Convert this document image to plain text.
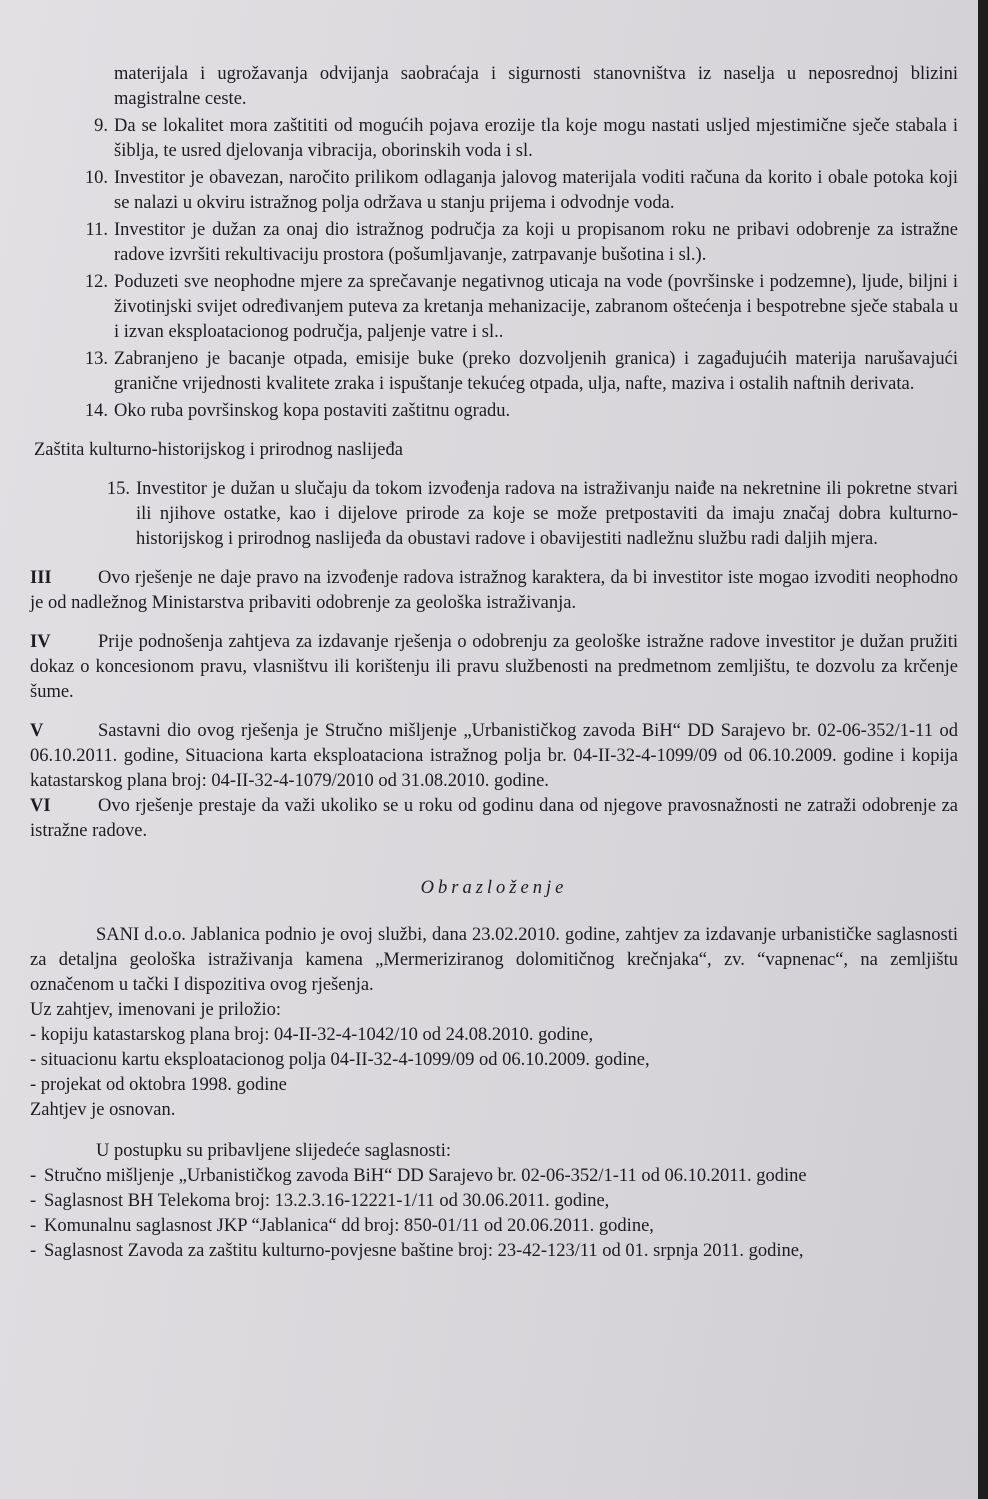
materijala i ugrožavanja odvijanja saobraćaja i sigurnosti stanovništva iz naselja u neposrednoj blizini magistralne ceste.
9. Da se lokalitet mora zaštititi od mogućih pojava erozije tla koje mogu nastati usljed mjestimične sječe stabala i šiblja, te usred djelovanja vibracija, oborinskih voda i sl.
10. Investitor je obavezan, naročito prilikom odlaganja jalovog materijala voditi računa da korito i obale potoka koji se nalazi u okviru istražnog polja održava u stanju prijema i odvodnje voda.
11. Investitor je dužan za onaj dio istražnog područja za koji u propisanom roku ne pribavi odobrenje za istražne radove izvršiti rekultivaciju prostora (pošumljavanje, zatrpavanje bušotina i sl.).
12. Poduzeti sve neophodne mjere za sprečavanje negativnog uticaja na vode (površinske i podzemne), ljude, biljni i životinjski svijet određivanjem puteva za kretanja mehanizacije, zabranom oštećenja i bespotrebne sječe stabala u i izvan eksploatacionog područja, paljenje vatre i sl..
13. Zabranjeno je bacanje otpada, emisije buke (preko dozvoljenih granica) i zagađujućih materija narušavajući granične vrijednosti kvalitete zraka i ispuštanje tekućeg otpada, ulja, nafte, maziva i ostalih naftnih derivata.
14. Oko ruba površinskog kopa postaviti zaštitnu ogradu.
Zaštita kulturno-historijskog i prirodnog naslijeđa
15. Investitor je dužan u slučaju da tokom izvođenja radova na istraživanju naiđe na nekretnine ili pokretne stvari ili njihove ostatke, kao i dijelove prirode za koje se može pretpostaviti da imaju značaj dobra kulturno-historijskog i prirodnog naslijeđa da obustavi radove i obavijestiti nadležnu službu radi daljih mjera.
III	Ovo rješenje ne daje pravo na izvođenje radova istražnog karaktera, da bi investitor iste mogao izvoditi neophodno je od nadležnog Ministarstva pribaviti odobrenje za geološka istraživanja.
IV	Prije podnošenja zahtjeva za izdavanje rješenja o odobrenju za geološke istražne radove investitor je dužan pružiti dokaz o koncesionom pravu, vlasništvu ili korištenju ili pravu službenosti na predmetnom zemljištu, te dozvolu za krčenje šume.
V	Sastavni dio ovog rješenja je Stručno mišljenje „Urbanističkog zavoda BiH“ DD Sarajevo br. 02-06-352/1-11 od 06.10.2011. godine, Situaciona karta eksploataciona istražnog polja br. 04-II-32-4-1099/09 od 06.10.2009. godine i kopija katastarskog plana broj: 04-II-32-4-1079/2010 od 31.08.2010. godine.
VI	Ovo rješenje prestaje da važi ukoliko se u roku od godinu dana od njegove pravosnažnosti ne zatraži odobrenje za istražne radove.
Obrazloženje
SANI d.o.o. Jablanica podnio je ovoj službi, dana 23.02.2010. godine, zahtjev za izdavanje urbanističke saglasnosti za detaljna geološka istraživanja kamena „Mermeriziranog dolomitičnog krečnjaka“, zv. “vapnenac“, na zemljištu označenom u tački I dispozitiva ovog rješenja.
Uz zahtjev, imenovani je priložio:
- kopiju katastarskog plana broj: 04-II-32-4-1042/10 od 24.08.2010. godine,
- situacionu kartu eksploatacionog polja 04-II-32-4-1099/09 od 06.10.2009. godine,
- projekat od oktobra 1998. godine
Zahtjev je osnovan.
U postupku su pribavljene slijedeće saglasnosti:
- Stručno mišljenje „Urbanističkog zavoda BiH“ DD Sarajevo br. 02-06-352/1-11 od 06.10.2011. godine
- Saglasnost BH Telekoma broj: 13.2.3.16-12221-1/11 od 30.06.2011. godine,
- Komunalnu saglasnost JKP “Jablanica“ dd broj: 850-01/11 od 20.06.2011. godine,
- Saglasnost Zavoda za zaštitu kulturno-povjesne baštine broj: 23-42-123/11 od 01. srpnja 2011. godine,
